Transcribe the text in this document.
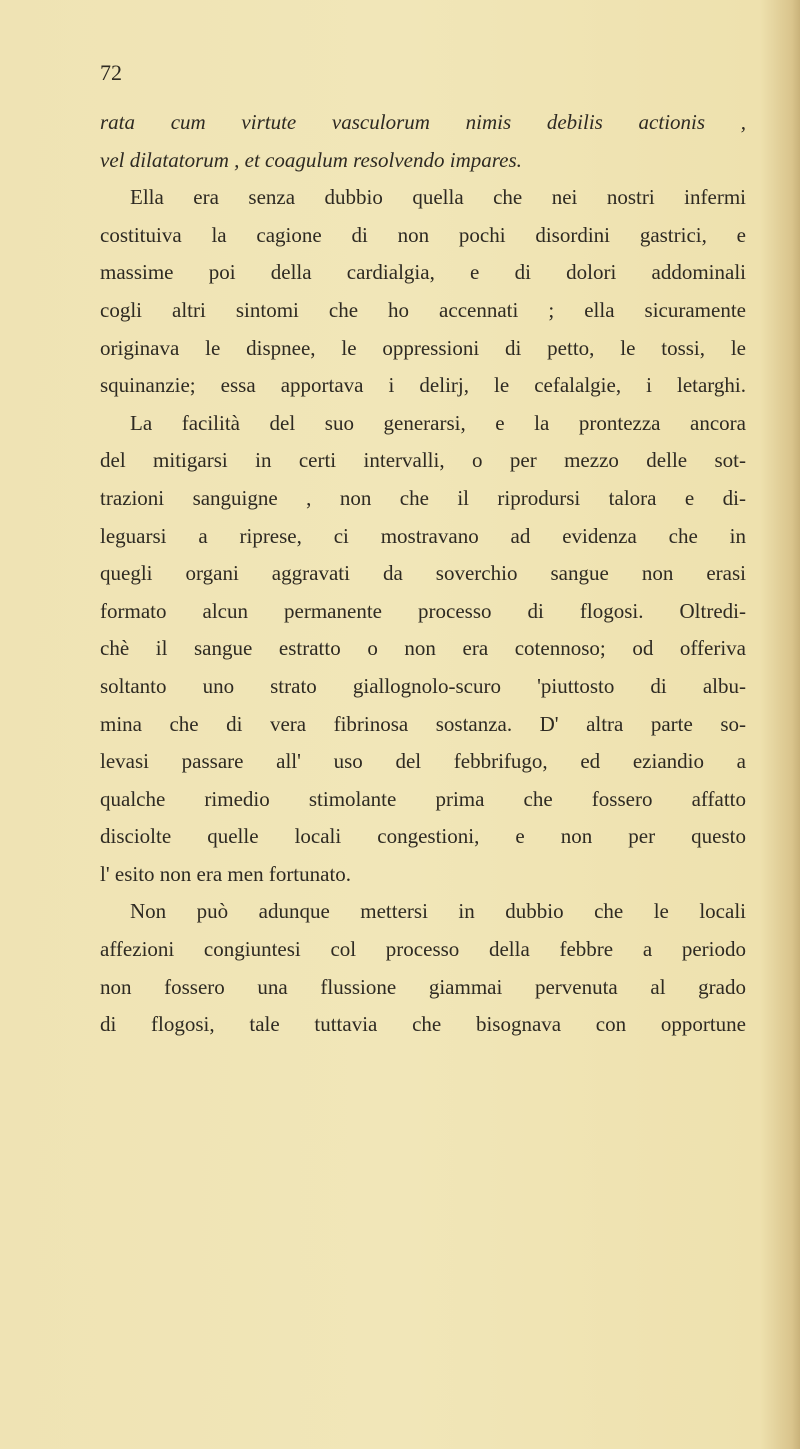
72
rata cum virtute vasculorum nimis debilis actionis ,
vel dilatatorum , et coagulum resolvendo impares.
Ella era senza dubbio quella che nei nostri infermi
costituiva la cagione di non pochi disordini gastrici, e
massime poi della cardialgia, e di dolori addominali
cogli altri sintomi che ho accennati ; ella sicuramente
originava le dispnee, le oppressioni di petto, le tossi, le
squinanzie; essa apportava i delirj, le cefalalgie, i letarghi.
La facilità del suo generarsi, e la prontezza ancora
del mitigarsi in certi intervalli, o per mezzo delle sot-
trazioni sanguigne , non che il riprodursi talora e di-
leguarsi a riprese, ci mostravano ad evidenza che in
quegli organi aggravati da soverchio sangue non erasi
formato alcun permanente processo di flogosi. Oltredi-
chè il sangue estratto o non era cotennoso; od offeriva
soltanto uno strato giallognolo-scuro 'piuttosto di albu-
mina che di vera fibrinosa sostanza. D' altra parte so-
levasi passare all' uso del febbrifugo, ed eziandio a
qualche rimedio stimolante prima che fossero affatto
disciolte quelle locali congestioni, e non per questo
l' esito non era men fortunato.
Non può adunque mettersi in dubbio che le locali
affezioni congiuntesi col processo della febbre a periodo
non fossero una flussione giammai pervenuta al grado
di flogosi, tale tuttavia che bisognava con opportune
